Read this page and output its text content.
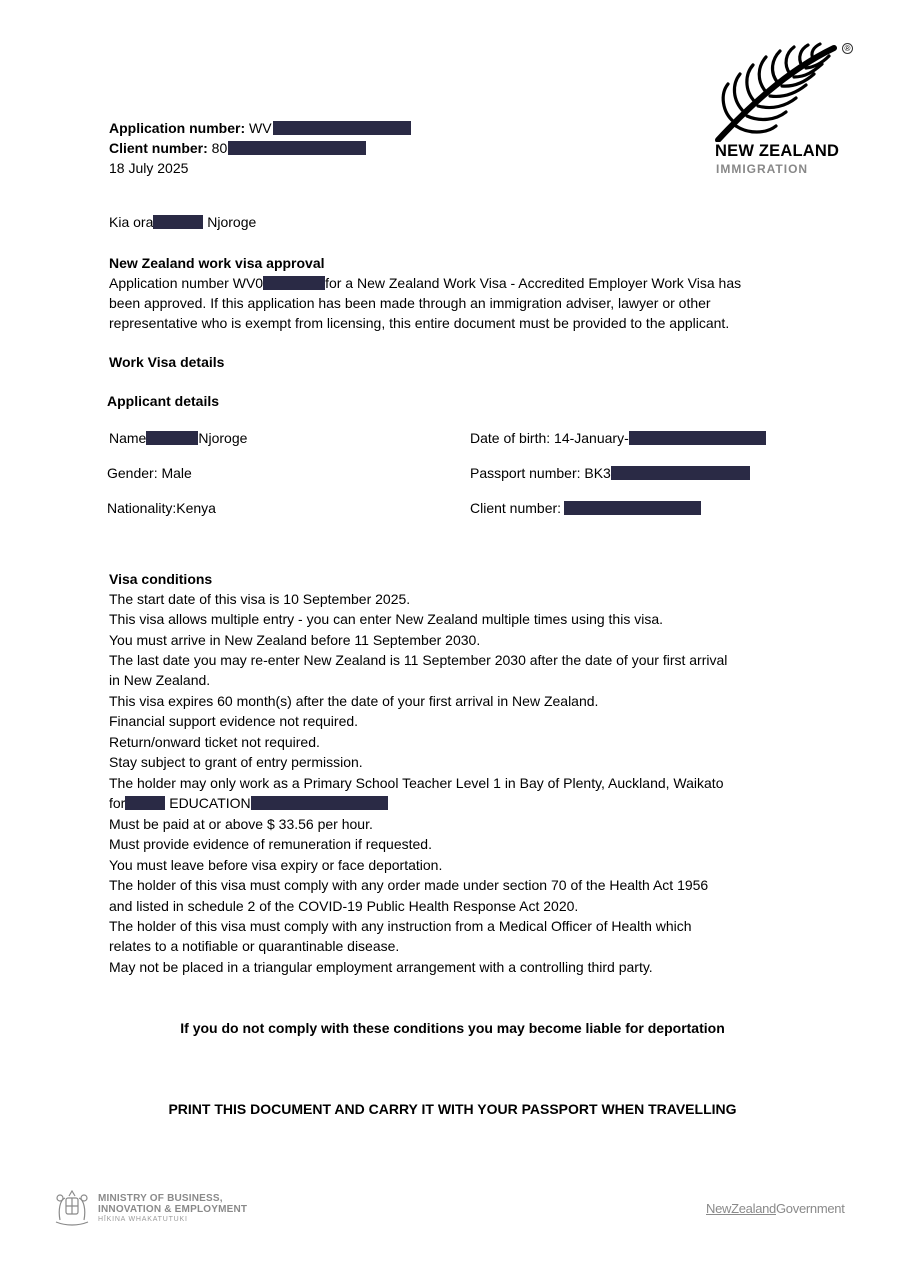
®
NEW ZEALAND
IMMIGRATION
Application number: WV
Client number: 80
18 July 2025
Kia ora	Njoroge
New Zealand work visa approval
Application number WV0	for a New Zealand Work Visa - Accredited Employer Work Visa has
been approved. If this application has been made through an immigration adviser, lawyer or other
representative who is exempt from licensing, this entire document must be provided to the applicant.
Work Visa details
Applicant details
Name	Njoroge	Date of birth: 14-January-
Gender: Male	Passport number: BK3
Nationality:Kenya	Client number:
Visa conditions
The start date of this visa is 10 September 2025.
This visa allows multiple entry - you can enter New Zealand multiple times using this visa.
You must arrive in New Zealand before 11 September 2030.
The last date you may re-enter New Zealand is 11 September 2030 after the date of your first arrival
in New Zealand.
This visa expires 60 month(s) after the date of your first arrival in New Zealand.
Financial support evidence not required.
Return/onward ticket not required.
Stay subject to grant of entry permission.
The holder may only work as a Primary School Teacher Level 1 in Bay of Plenty, Auckland, Waikato
for	EDUCATION
Must be paid at or above $ 33.56 per hour.
Must provide evidence of remuneration if requested.
You must leave before visa expiry or face deportation.
The holder of this visa must comply with any order made under section 70 of the Health Act 1956
and listed in schedule 2 of the COVID-19 Public Health Response Act 2020.
The holder of this visa must comply with any instruction from a Medical Officer of Health which
relates to a notifiable or quarantinable disease.
May not be placed in a triangular employment arrangement with a controlling third party.
If you do not comply with these conditions you may become liable for deportation
PRINT THIS DOCUMENT AND CARRY IT WITH YOUR PASSPORT WHEN TRAVELLING
MINISTRY OF BUSINESS,
INNOVATION & EMPLOYMENT
HĪKINA WHAKATUTUKI
NewZealandGovernment
